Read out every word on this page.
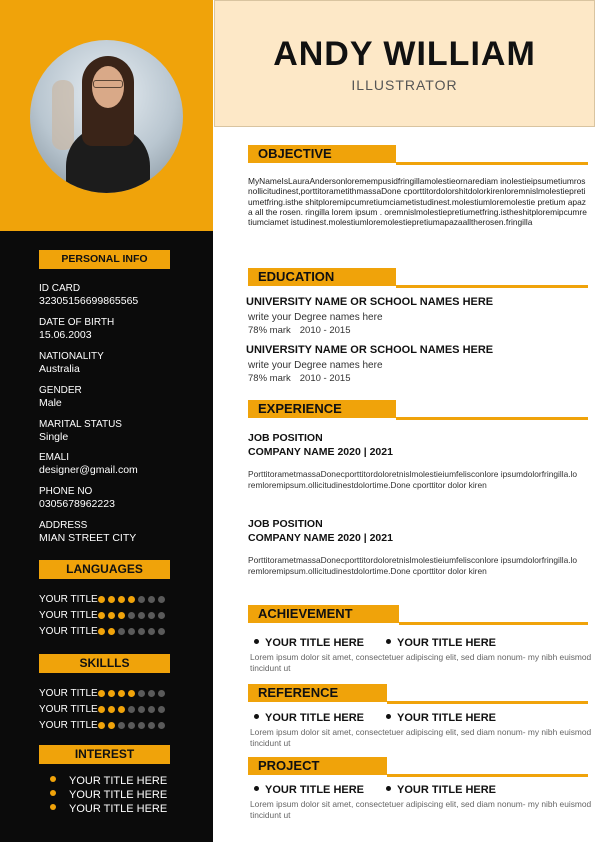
PERSONAL INFO
ID CARD
32305156699865565
DATE OF BIRTH
15.06.2003
NATIONALITY
Australia
GENDER
Male
MARITAL STATUS
Single
EMALI
designer@gmail.com
PHONE NO
0305678962223
ADDRESS
MIAN STREET CITY
LANGUAGES
YOUR TITLE
YOUR TITLE
YOUR TITLE
SKILLLS
YOUR TITLE
YOUR TITLE
YOUR TITLE
INTEREST
YOUR TITLE HERE
YOUR TITLE HERE
YOUR TITLE HERE
ANDY WILLIAM
ILLUSTRATOR
OBJECTIVE
MyNameIsLauraAndersonloremempusidfringillamolestieornarediam inolestieipsumetiumrosnollicitudinest,porttitorametithmassaDone cporttitordolorshitdolorkirenloremnislmolestiepretiumetfring.isthe shitploremipcumretiumciametistudinest.molestiumloremolestie pretium apaza all the rosen. ringilla lorem ipsum . oremnislmolestiepretiumetfring.istheshitploremipcumretiumciamet istudinest.molestiumloremolestiepretiumapazaalltherosen.fringilla
EDUCATION
UNIVERSITY NAME OR SCHOOL NAMES HERE
write your Degree names here
78% mark 2010 - 2015
UNIVERSITY NAME OR SCHOOL NAMES HERE
write your Degree names here
78% mark 2010 - 2015
EXPERIENCE
JOB POSITION
COMPANY NAME 2020 | 2021
PorttitorametmassaDonecporttitordoloretnislmolestieiumfelisconlore ipsumdolorfringilla.loremloremipsum.ollicitudinestdolortime.Done cporttitor dolor kiren
JOB POSITION
COMPANY NAME 2020 | 2021
PorttitorametmassaDonecporttitordoloretnislmolestieiumfelisconlore ipsumdolorfringilla.loremloremipsum.ollicitudinestdolortime.Done cporttitor dolor kiren
ACHIEVEMENT
YOUR TITLE HERE	YOUR TITLE HERE
Lorem ipsum dolor sit amet, consectetuer adipiscing elit, sed diam nonum- my nibh euismod tincidunt ut
REFERENCE
YOUR TITLE HERE	YOUR TITLE HERE
Lorem ipsum dolor sit amet, consectetuer adipiscing elit, sed diam nonum- my nibh euismod tincidunt ut
PROJECT
YOUR TITLE HERE	YOUR TITLE HERE
Lorem ipsum dolor sit amet, consectetuer adipiscing elit, sed diam nonum- my nibh euismod tincidunt ut
